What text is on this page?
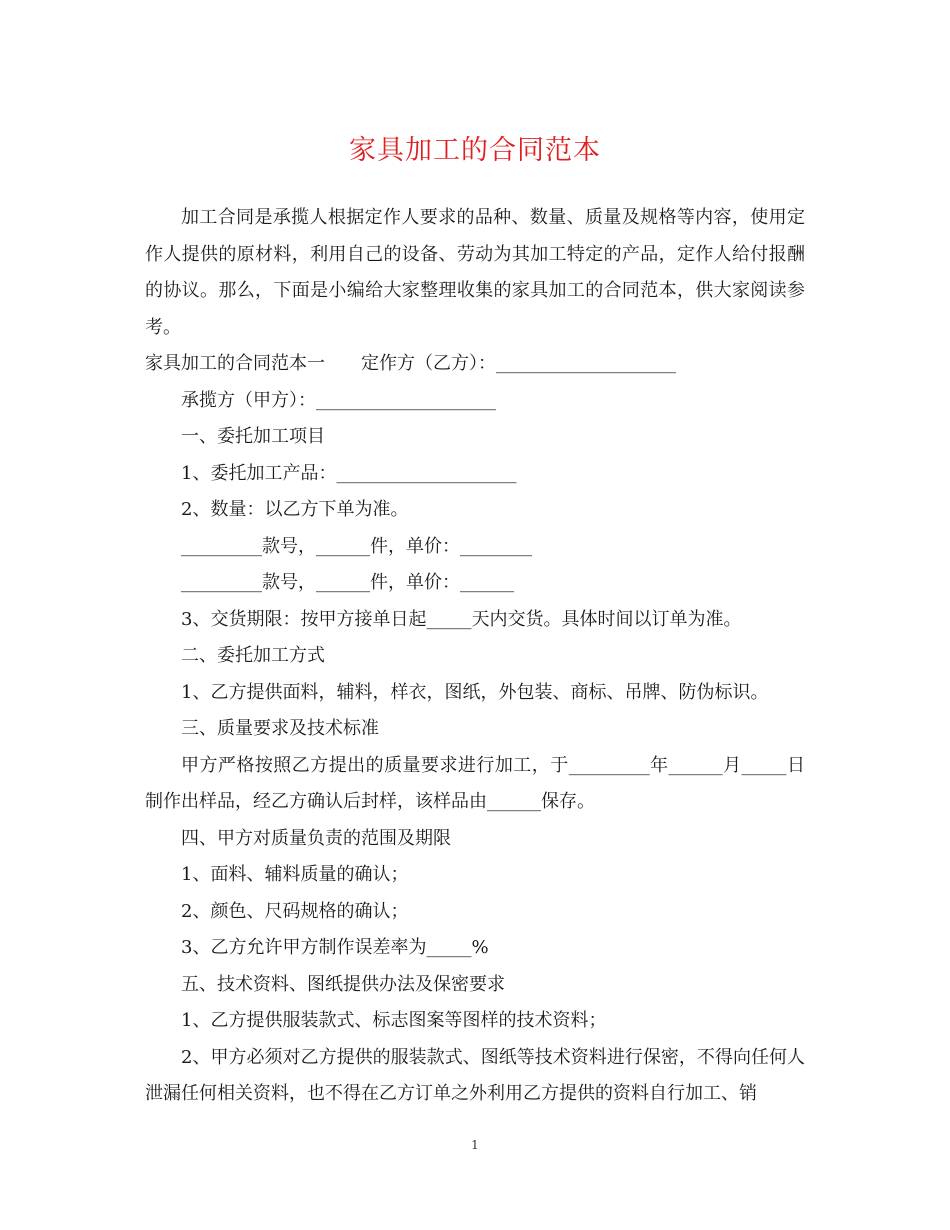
家具加工的合同范本

加工合同是承揽人根据定作人要求的品种、数量、质量及规格等内容，使用定作人提供的原材料，利用自己的设备、劳动为其加工特定的产品，定作人给付报酬的协议。那么，下面是小编给大家整理收集的家具加工的合同范本，供大家阅读参考。

家具加工的合同范本一　　定作方（乙方）：____________________

承揽方（甲方）：____________________

一、委托加工项目

1、委托加工产品：____________________

2、数量：以乙方下单为准。

_________款号，______件，单价：________

_________款号，______件，单价：______

3、交货期限：按甲方接单日起_____天内交货。具体时间以订单为准。

二、委托加工方式

1、乙方提供面料，辅料，样衣，图纸，外包装、商标、吊牌、防伪标识。

三、质量要求及技术标准

甲方严格按照乙方提出的质量要求进行加工，于_________年______月_____日制作出样品，经乙方确认后封样，该样品由______保存。

四、甲方对质量负责的范围及期限

1、面料、辅料质量的确认；

2、颜色、尺码规格的确认；

3、乙方允许甲方制作误差率为_____%

五、技术资料、图纸提供办法及保密要求

1、乙方提供服装款式、标志图案等图样的技术资料；

2、甲方必须对乙方提供的服装款式、图纸等技术资料进行保密，不得向任何人泄漏任何相关资料，也不得在乙方订单之外利用乙方提供的资料自行加工、销

1
